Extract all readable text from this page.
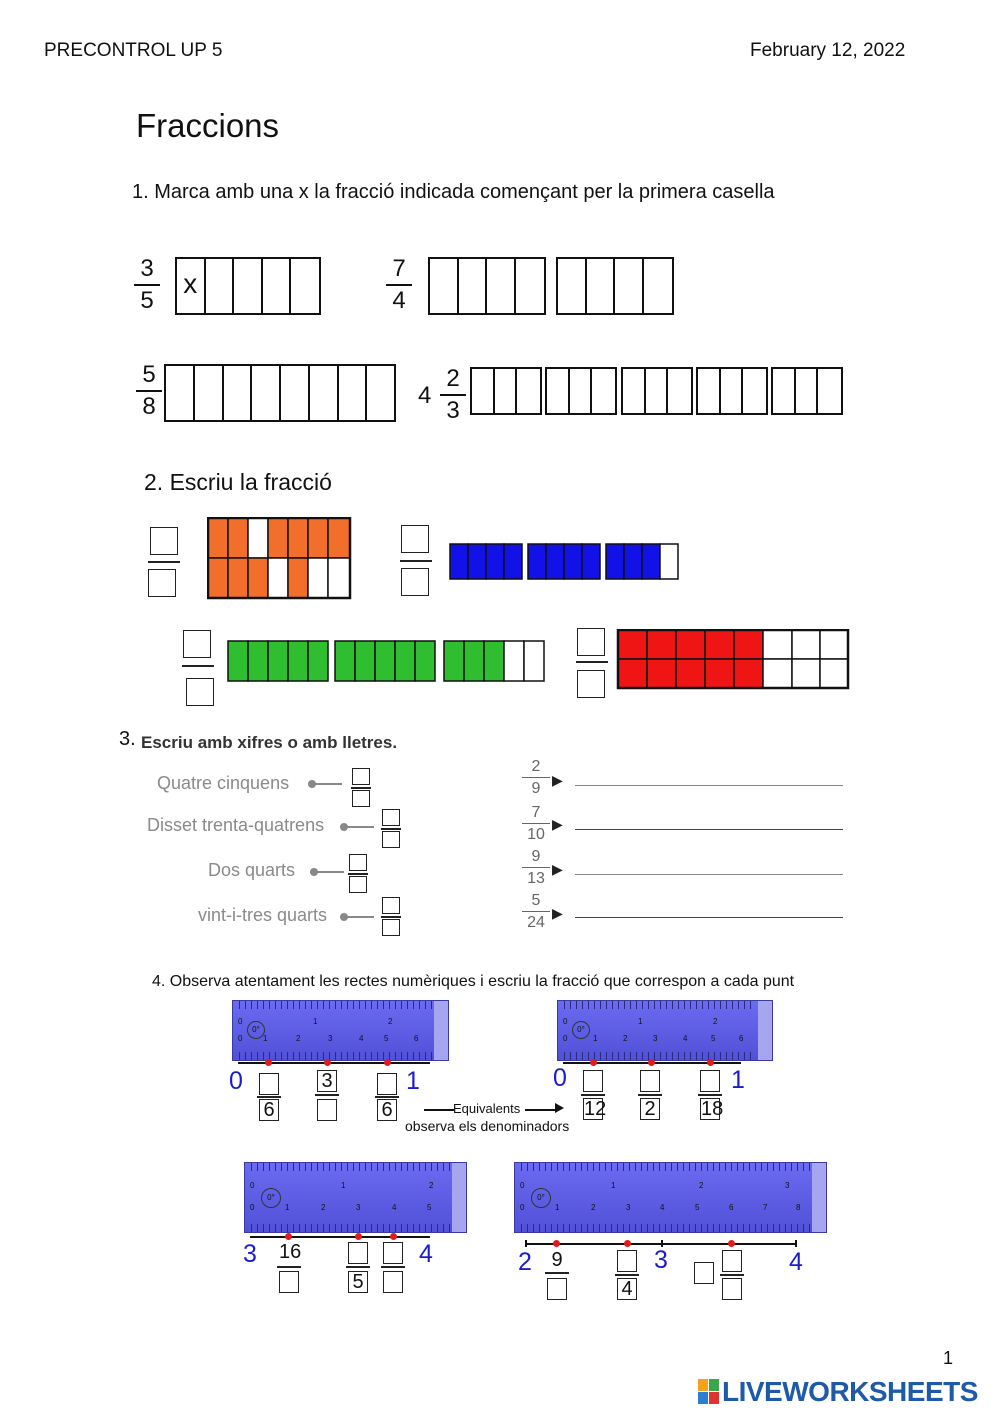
PRECONTROL UP 5	February 12, 2022
Fraccions
1. Marca amb una x la fracció indicada començant per la primera casella
3
5
x	7
4
5
8	4
2
3
2. Escriu la fracció
3. Escriu amb xifres o amb lletres.
Quatre cinquens
Disset trenta-quatrens
Dos quarts
vint-i-tres quarts
2
9 ▶
7
10
▶
9
13
▶
5
24
▶
4. Observa atentament les rectes numèriques i escriu la fracció que correspon a cada punt
0	1	2
0	1	2	3	4	5	6
0°
0	1
6
3
6	Equivalents
observa els denominadors
0	1	2
0	1	2	3	4	5	6
0°
0	1
12 2 18
0	1	2
0	1	2	3	4	5
0°
3	4
16
5
0	1	2	3
0	1	2	3	4	5	6	7	8
0°
2	3	4
9
4
1
LIVEWORKSHEETS
